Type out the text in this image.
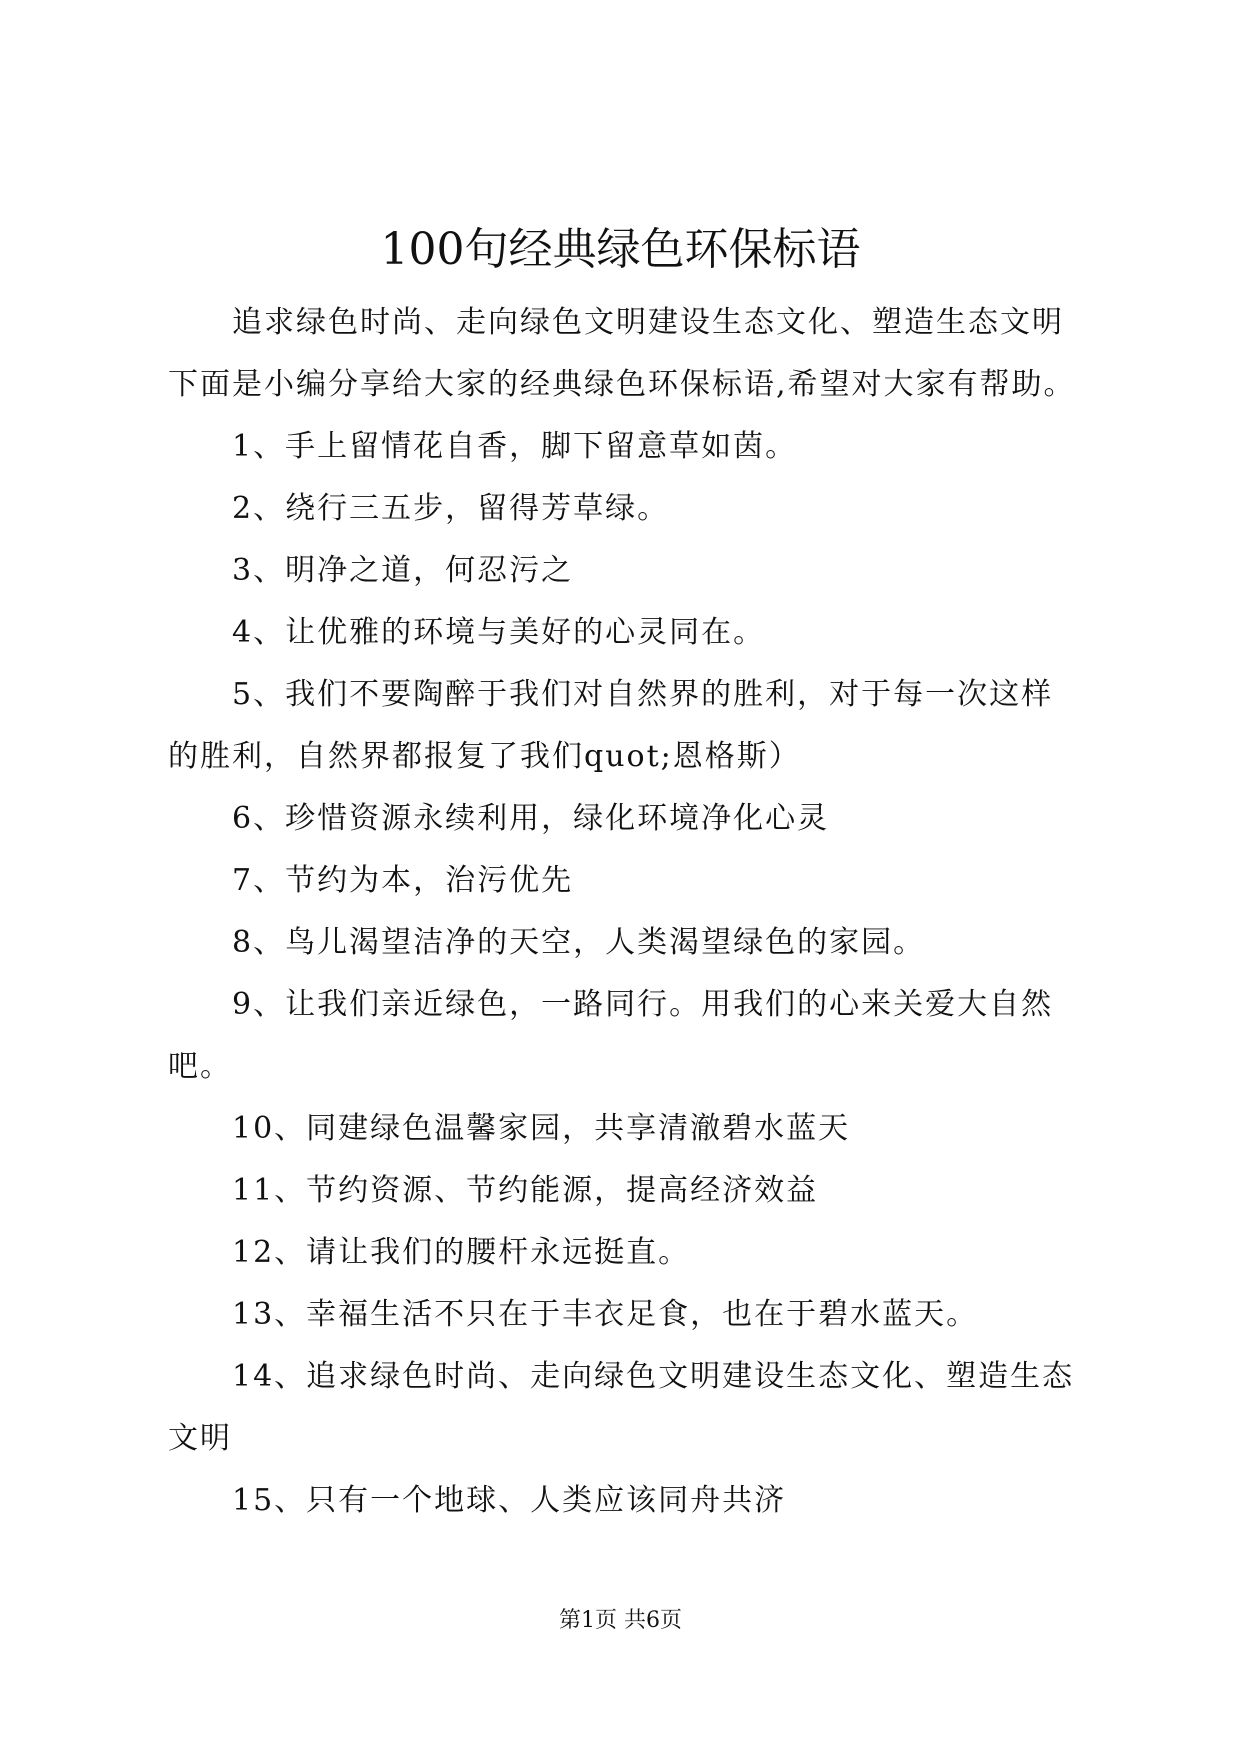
100句经典绿色环保标语

追求绿色时尚、走向绿色文明建设生态文化、塑造生态文明下面是小编分享给大家的经典绿色环保标语,希望对大家有帮助。

1、手上留情花自香，脚下留意草如茵。

2、绕行三五步，留得芳草绿。

3、明净之道，何忍污之

4、让优雅的环境与美好的心灵同在。

5、我们不要陶醉于我们对自然界的胜利，对于每一次这样的胜利，自然界都报复了我们quot;恩格斯）

6、珍惜资源永续利用，绿化环境净化心灵

7、节约为本，治污优先

8、鸟儿渴望洁净的天空，人类渴望绿色的家园。

9、让我们亲近绿色，一路同行。用我们的心来关爱大自然吧。

10、同建绿色温馨家园，共享清澈碧水蓝天

11、节约资源、节约能源，提高经济效益

12、请让我们的腰杆永远挺直。

13、幸福生活不只在于丰衣足食，也在于碧水蓝天。

14、追求绿色时尚、走向绿色文明建设生态文化、塑造生态文明

15、只有一个地球、人类应该同舟共济

第1页 共6页
